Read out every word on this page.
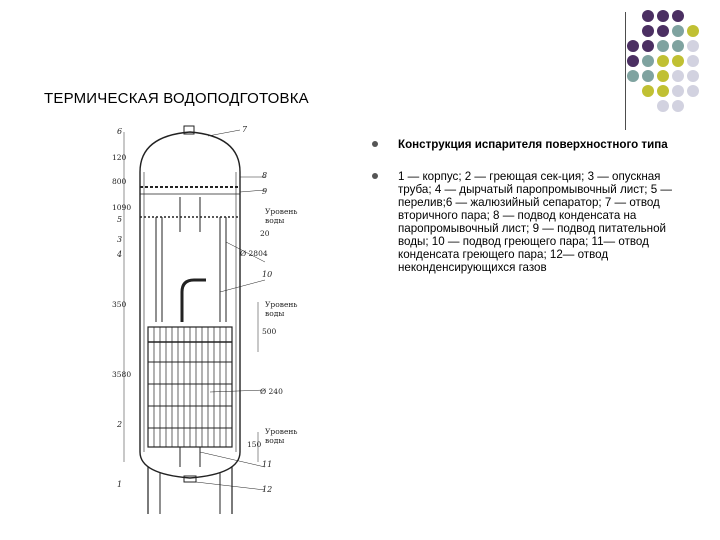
ТЕРМИЧЕСКАЯ ВОДОПОДГОТОВКА
Конструкция испарителя поверхностного типа
1 — корпус; 2 — греющая сек-ция; 3 — опускная труба; 4 — дырчатый паропромывочный лист; 5 — перелив;6 — жалюзийный сепаратор; 7 — отвод вторичного пара; 8 — подвод конденсата на паропромывочный лист; 9 — подвод питательной воды; 10 — подвод греющего пара; 11— отвод конденсата греющего пара; 12— отвод неконденсирующихся газов
6	7
8
9
5
3
4
10
2
11
1
12
Уровень
воды
20
Ø 2804
Уровень
воды
500
Ø 240
Уровень
воды
150
120
800
1090
350
3580
